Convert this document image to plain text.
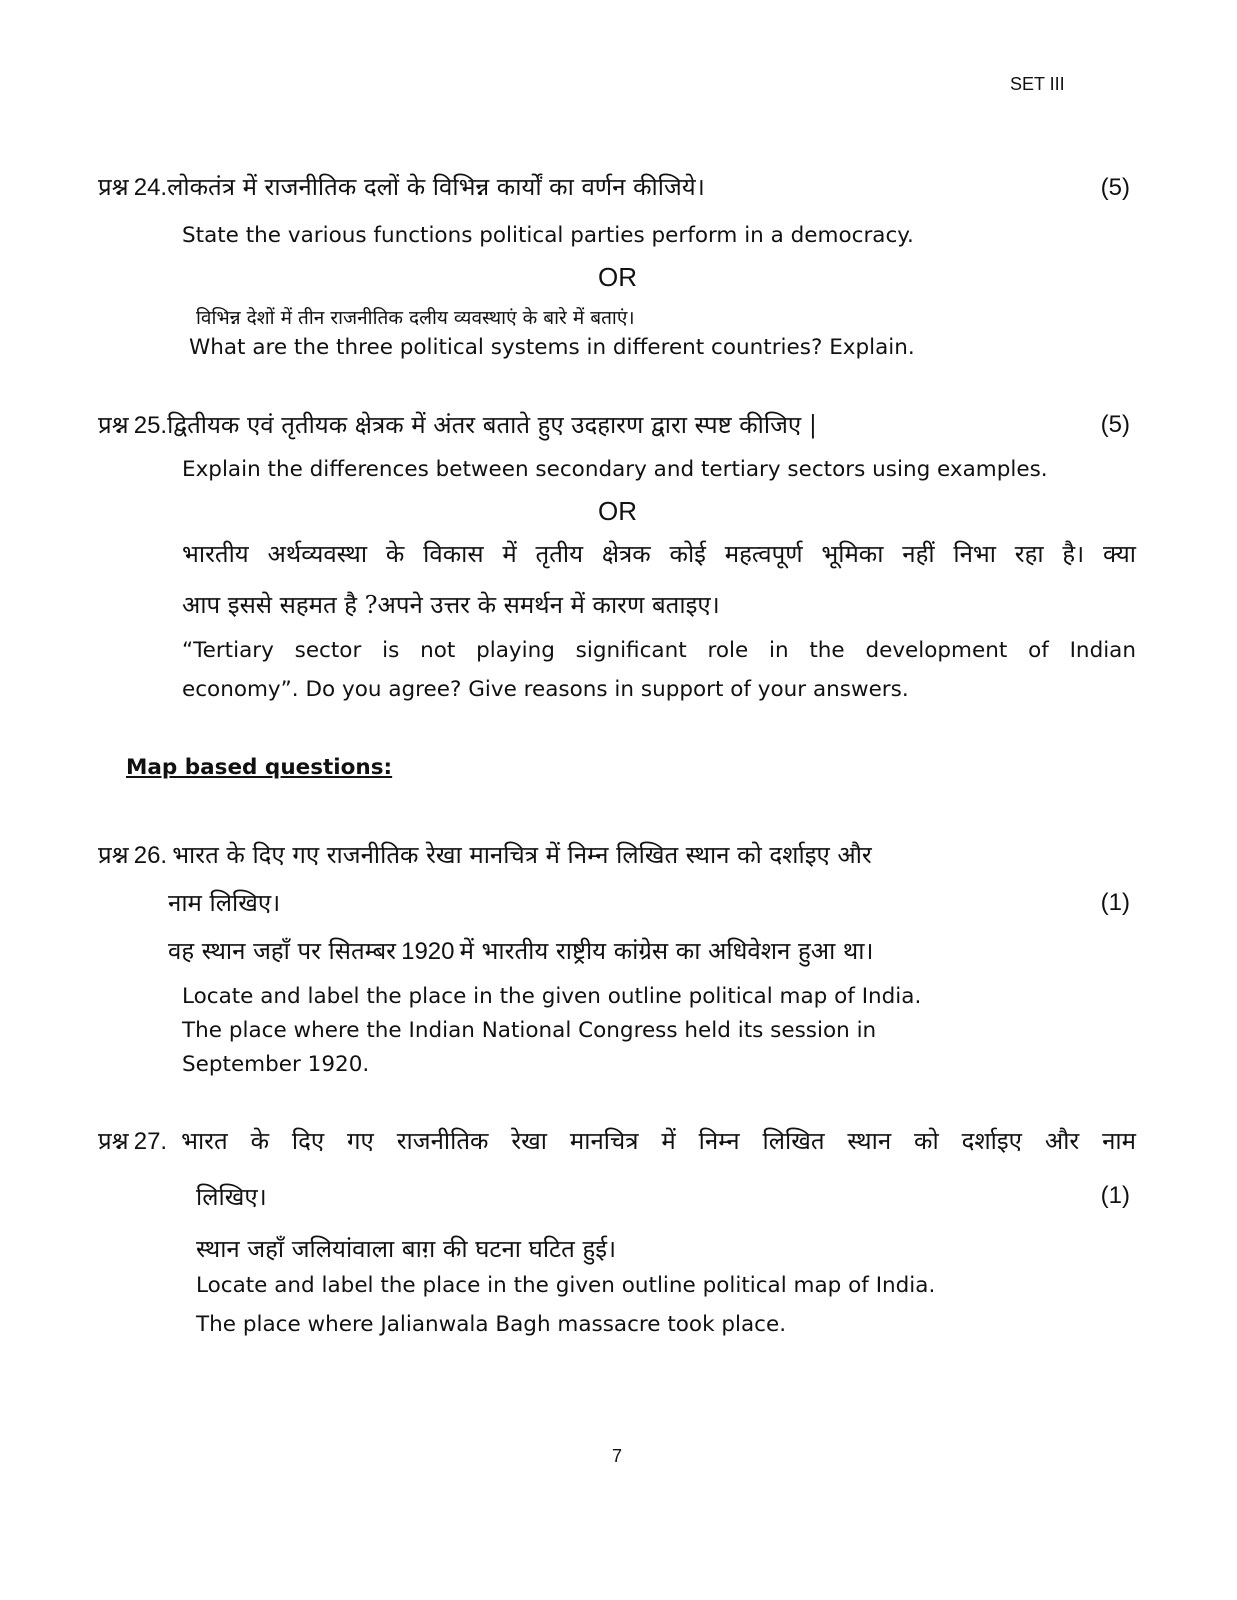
SET III
प्रश्न 24.लोकतंत्र में राजनीतिक दलों के विभिन्न कार्यों का वर्णन कीजिये।	(5)
State the various functions political parties perform in a democracy.
OR
विभिन्न देशों में तीन राजनीतिक दलीय व्यवस्थाएं के बारे में बताएं।
What are the three political systems in different countries? Explain.
प्रश्न 25.द्वितीयक एवं तृतीयक क्षेत्रक में अंतर बताते हुए उदहारण द्वारा स्पष्ट कीजिए |	(5)
Explain the differences between secondary and tertiary sectors using examples.
OR
भारतीय अर्थव्यवस्था के विकास में तृतीय क्षेत्रक कोई महत्वपूर्ण भूमिका नहीं निभा रहा है। क्या
आप इससे सहमत है ?अपने उत्तर के समर्थन में कारण बताइए।
“Tertiary sector is not playing significant role in the development of Indian
economy”. Do you agree? Give reasons in support of your answers.
Map based questions:
प्रश्न 26. भारत के दिए गए राजनीतिक रेखा मानचित्र में निम्न लिखित स्थान को दर्शाइए और
नाम लिखिए।	(1)
वह स्थान जहाँ पर सितम्बर 1920 में भारतीय राष्ट्रीय कांग्रेस का अधिवेशन हुआ था।
Locate and label the place in the given outline political map of India.
The place where the Indian National Congress held its session in
September 1920.
प्रश्न 27. भारत के दिए गए राजनीतिक रेखा मानचित्र में निम्न लिखित स्थान को दर्शाइए और नाम
लिखिए।	(1)
स्थान जहाँ जलियांवाला बाग़ की घटना घटित हुई।
Locate and label the place in the given outline political map of India.
The place where Jalianwala Bagh massacre took place.
7
